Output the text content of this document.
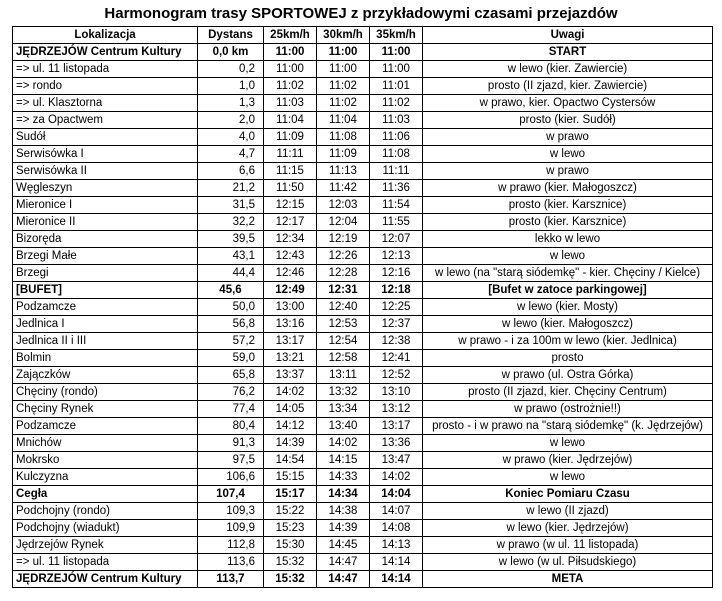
Harmonogram trasy SPORTOWEJ z przykładowymi czasami przejazdów
Lokalizacja	Dystans	25km/h	30km/h	35km/h	Uwagi
JĘDRZEJÓW Centrum Kultury	0,0 km	11:00	11:00	11:00	START
=> ul. 11 listopada	0,2	11:00	11:00	11:00	w lewo (kier. Zawiercie)
=> rondo	1,0	11:02	11:02	11:01	prosto (II zjazd, kier. Zawiercie)
=> ul. Klasztorna	1,3	11:03	11:02	11:02	w prawo, kier. Opactwo Cystersów
=> za Opactwem	2,0	11:04	11:04	11:03	prosto (kier. Sudół)
Sudół	4,0	11:09	11:08	11:06	w prawo
Serwisówka I	4,7	11:11	11:09	11:08	w lewo
Serwisówka II	6,6	11:15	11:13	11:11	w prawo
Węgleszyn	21,2	11:50	11:42	11:36	w prawo (kier. Małogoszcz)
Mieronice I	31,5	12:15	12:03	11:54	prosto (kier. Karsznice)
Mieronice II	32,2	12:17	12:04	11:55	prosto (kier. Karsznice)
Bizoręda	39,5	12:34	12:19	12:07	lekko w lewo
Brzegi Małe	43,1	12:43	12:26	12:13	w lewo
Brzegi	44,4	12:46	12:28	12:16	w lewo (na "starą siódemkę" - kier. Chęciny / Kielce)
[BUFET]	45,6	12:49	12:31	12:18	[Bufet w zatoce parkingowej]
Podzamcze	50,0	13:00	12:40	12:25	w lewo (kier. Mosty)
Jedlnica I	56,8	13:16	12:53	12:37	w lewo (kier. Małogoszcz)
Jedlnica II i III	57,2	13:17	12:54	12:38	w prawo - i za 100m w lewo (kier. Jedlnica)
Bolmin	59,0	13:21	12:58	12:41	prosto
Zajączków	65,8	13:37	13:11	12:52	w prawo (ul. Ostra Górka)
Chęciny (rondo)	76,2	14:02	13:32	13:10	prosto (II zjazd, kier. Chęciny Centrum)
Chęciny Rynek	77,4	14:05	13:34	13:12	w prawo (ostrożnie!!)
Podzamcze	80,4	14:12	13:40	13:17	prosto - i w prawo na "starą siódemkę" (k. Jędrzejów)
Mnichów	91,3	14:39	14:02	13:36	w lewo
Mokrsko	97,5	14:54	14:15	13:47	w prawo (kier. Jędrzejów)
Kulczyzna	106,6	15:15	14:33	14:02	w lewo
Cegła	107,4	15:17	14:34	14:04	Koniec Pomiaru Czasu
Podchojny (rondo)	109,3	15:22	14:38	14:07	w lewo (II zjazd)
Podchojny (wiadukt)	109,9	15:23	14:39	14:08	w lewo (kier. Jędrzejów)
Jędrzejów Rynek	112,8	15:30	14:45	14:13	w prawo (w ul. 11 listopada)
=> ul. 11 listopada	113,6	15:32	14:47	14:14	w lewo (w ul. Piłsudskiego)
JĘDRZEJÓW Centrum Kultury	113,7	15:32	14:47	14:14	META
